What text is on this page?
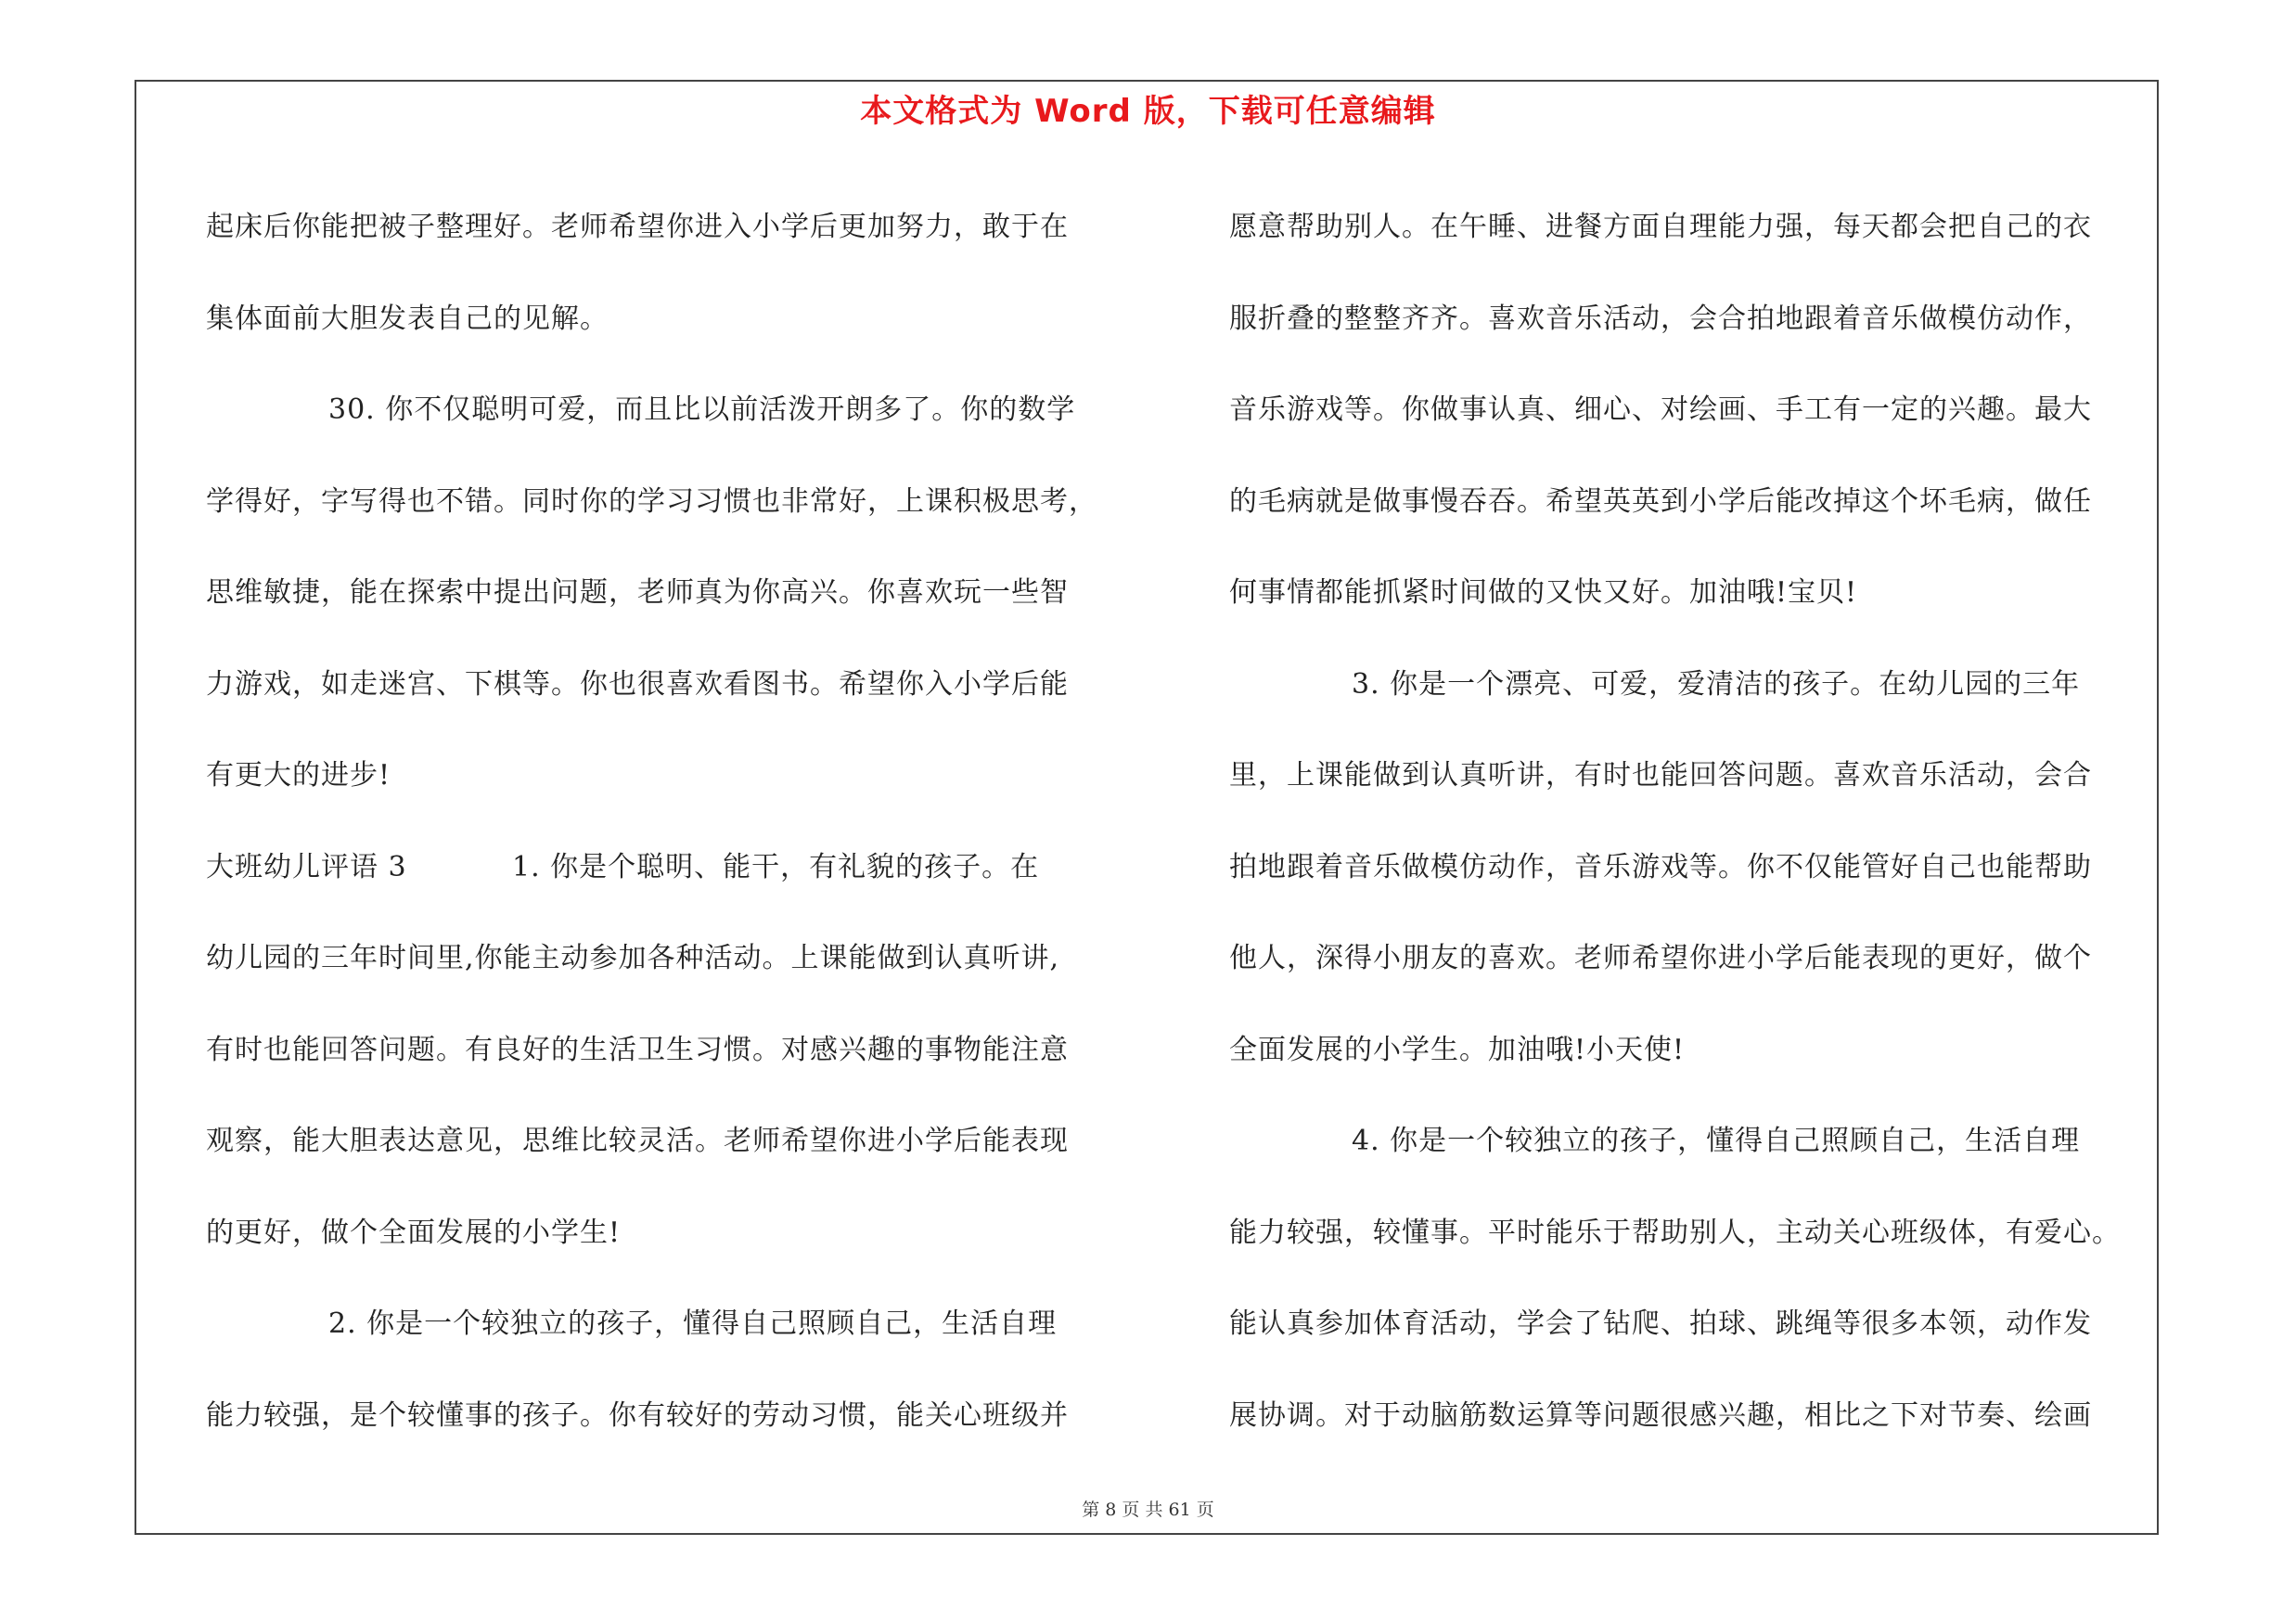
本文格式为 Word 版，下载可任意编辑
起床后你能把被子整理好。老师希望你进入小学后更加努力，敢于在
集体面前大胆发表自己的见解。
30. 你不仅聪明可爱，而且比以前活泼开朗多了。你的数学
学得好，字写得也不错。同时你的学习习惯也非常好，上课积极思考，
思维敏捷，能在探索中提出问题，老师真为你高兴。你喜欢玩一些智
力游戏，如走迷宫、下棋等。你也很喜欢看图书。希望你入小学后能
有更大的进步!
大班幼儿评语 3	1. 你是个聪明、能干，有礼貌的孩子。在
幼儿园的三年时间里,你能主动参加各种活动。上课能做到认真听讲,
有时也能回答问题。有良好的生活卫生习惯。对感兴趣的事物能注意
观察，能大胆表达意见，思维比较灵活。老师希望你进小学后能表现
的更好，做个全面发展的小学生!
2. 你是一个较独立的孩子，懂得自己照顾自己，生活自理
能力较强，是个较懂事的孩子。你有较好的劳动习惯，能关心班级并
愿意帮助别人。在午睡、进餐方面自理能力强，每天都会把自己的衣
服折叠的整整齐齐。喜欢音乐活动，会合拍地跟着音乐做模仿动作，
音乐游戏等。你做事认真、细心、对绘画、手工有一定的兴趣。最大
的毛病就是做事慢吞吞。希望英英到小学后能改掉这个坏毛病，做任
何事情都能抓紧时间做的又快又好。加油哦!宝贝!
3. 你是一个漂亮、可爱，爱清洁的孩子。在幼儿园的三年
里，上课能做到认真听讲，有时也能回答问题。喜欢音乐活动，会合
拍地跟着音乐做模仿动作，音乐游戏等。你不仅能管好自己也能帮助
他人，深得小朋友的喜欢。老师希望你进小学后能表现的更好，做个
全面发展的小学生。加油哦!小天使!
4. 你是一个较独立的孩子，懂得自己照顾自己，生活自理
能力较强，较懂事。平时能乐于帮助别人，主动关心班级体，有爱心。
能认真参加体育活动，学会了钻爬、拍球、跳绳等很多本领，动作发
展协调。对于动脑筋数运算等问题很感兴趣，相比之下对节奏、绘画
第 8 页 共 61 页
